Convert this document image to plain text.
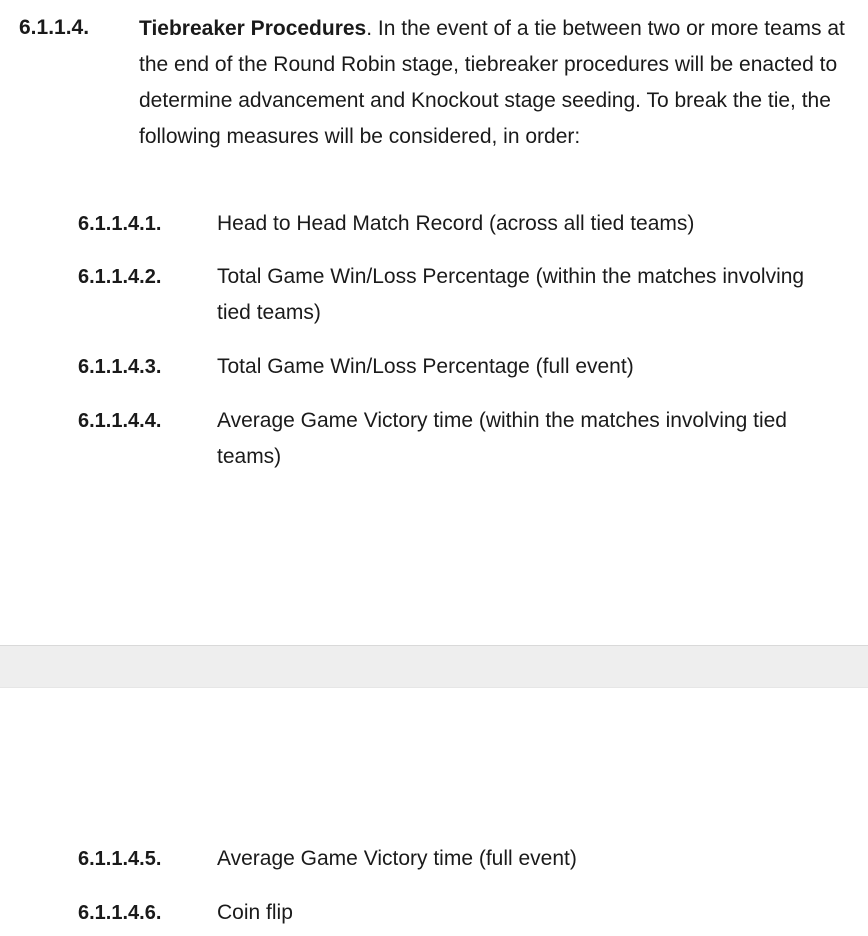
6.1.1.4. Tiebreaker Procedures. In the event of a tie between two or more teams at the end of the Round Robin stage, tiebreaker procedures will be enacted to determine advancement and Knockout stage seeding. To break the tie, the following measures will be considered, in order:
6.1.1.4.1.	Head to Head Match Record (across all tied teams)
6.1.1.4.2.	Total Game Win/Loss Percentage (within the matches involving tied teams)
6.1.1.4.3.	Total Game Win/Loss Percentage (full event)
6.1.1.4.4.	Average Game Victory time (within the matches involving tied teams)
6.1.1.4.5.	Average Game Victory time (full event)
6.1.1.4.6.	Coin flip
